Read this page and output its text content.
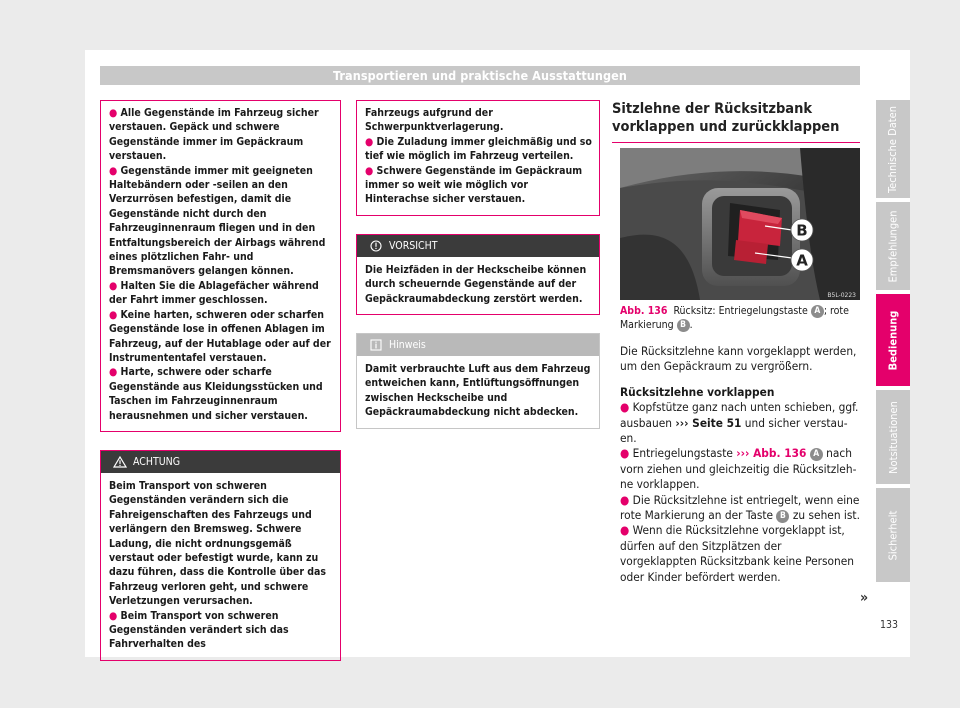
Transportieren und praktische Ausstattungen

● Alle Gegenstände im Fahrzeug sicher verstauen. Gepäck und schwere Gegenstände immer im Gepäckraum verstauen.

● Gegenstände immer mit geeigneten Haltebändern oder -seilen an den Verzurrösen befestigen, damit die Gegenstände nicht durch den Fahrzeuginnenraum fliegen und in den Entfaltungsbereich der Airbags während eines plötzlichen Fahr- und Bremsmanövers gelangen können.

● Halten Sie die Ablagefächer während der Fahrt immer geschlossen.

● Keine harten, schweren oder scharfen Gegenstände lose in offenen Ablagen im Fahrzeug, auf der Hutablage oder auf der Instrumententafel verstauen.

● Harte, schwere oder scharfe Gegenstände aus Kleidungsstücken und Taschen im Fahrzeuginnenraum herausnehmen und sicher verstauen.

ACHTUNG
Beim Transport von schweren Gegenständen verändern sich die Fahreigenschaften des Fahrzeugs und verlängern den Bremsweg. Schwere Ladung, die nicht ordnungsgemäß verstaut oder befestigt wurde, kann zu dazu führen, dass die Kontrolle über das Fahrzeug verloren geht, und schwere Verletzungen verursachen.
● Beim Transport von schweren Gegenständen verändert sich das Fahrverhalten des

Fahrzeugs aufgrund der Schwerpunktverlagerung.

● Die Zuladung immer gleichmäßig und so tief wie möglich im Fahrzeug verteilen.

● Schwere Gegenstände im Gepäckraum immer so weit wie möglich vor Hinterachse sicher verstauen.

VORSICHT
Die Heizfäden in der Heckscheibe können durch scheuernde Gegenstände auf der Gepäckraumabdeckung zerstört werden.
Hinweis
Damit verbrauchte Luft aus dem Fahrzeug entweichen kann, Entlüftungsöffnungen zwischen Heckscheibe und Gepäckraumabdeckung nicht abdecken.
Sitzlehne der Rücksitzbank vorklappen und zurückklappen
B
A
B5L-0223
Abb. 136 Rücksitz: Entriegelungstaste A ; rote Markierung B .

Die Rücksitzlehne kann vorgeklappt werden, um den Gepäckraum zu vergrößern.

Rücksitzlehne vorklappen

● Kopfstütze ganz nach unten schieben, ggf. ausbauen ››› Seite 51 und sicher verstauen.

● Entriegelungstaste ››› Abb. 136 A nach vorn ziehen und gleichzeitig die Rücksitzlehne vorklappen.

● Die Rücksitzlehne ist entriegelt, wenn eine rote Markierung an der Taste B zu sehen ist.

● Wenn die Rücksitzlehne vorgeklappt ist, dürfen auf den Sitzplätzen der vorgeklappten Rücksitzbank keine Personen oder Kinder befördert werden.

»
Technische Daten
Empfehlungen
Bedienung
Notsituationen
Sicherheit
133
